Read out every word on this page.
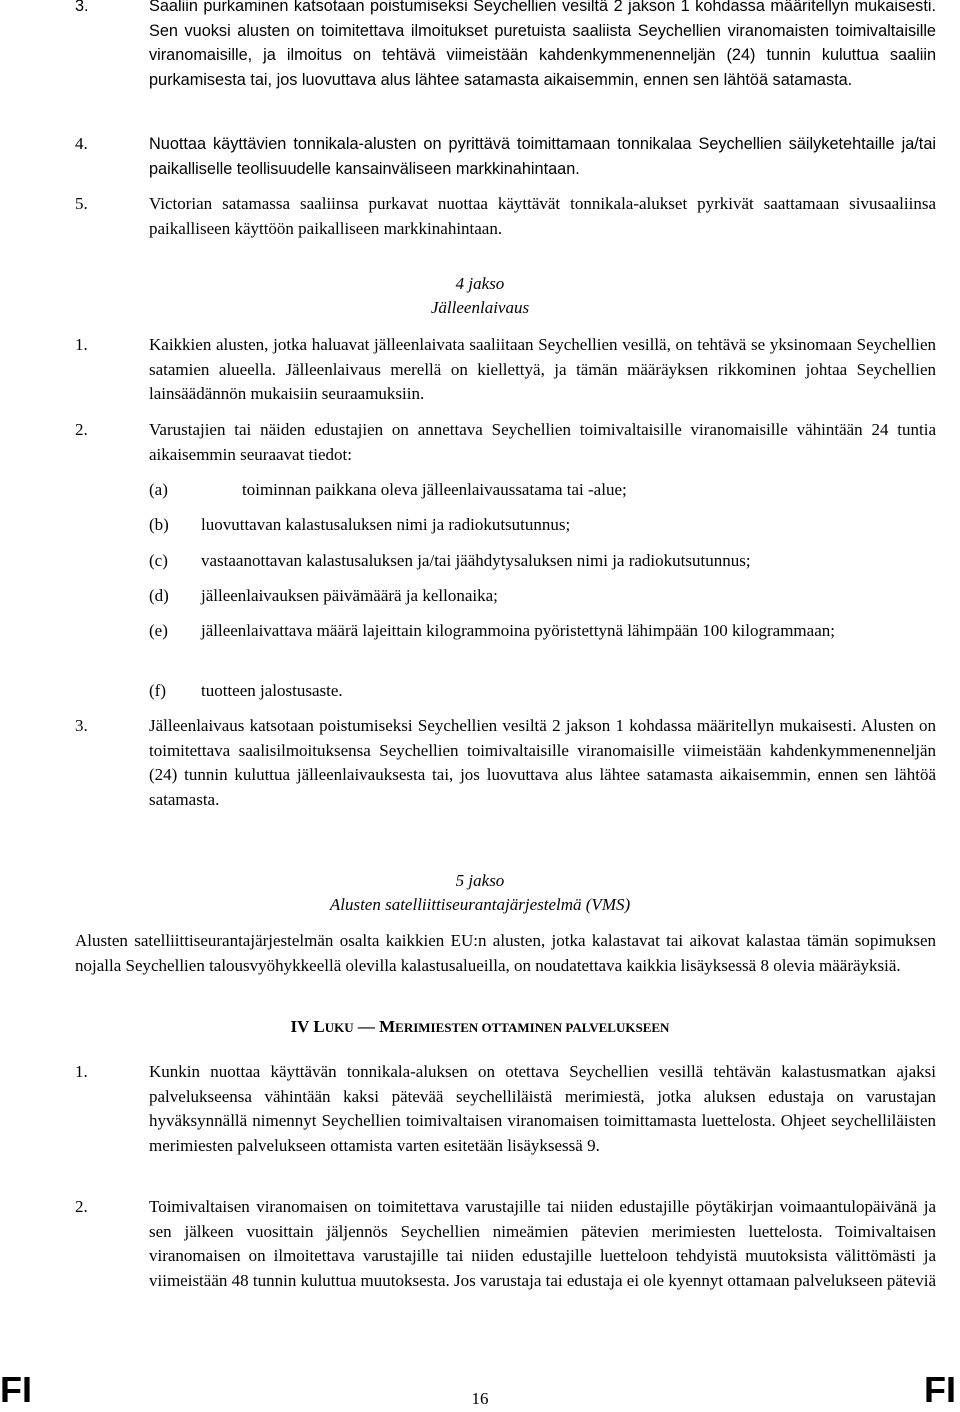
3.	Saaliin purkaminen katsotaan poistumiseksi Seychellien vesiltä 2 jakson 1 kohdassa määritellyn mukaisesti. Sen vuoksi alusten on toimitettava ilmoitukset puretuista saaliista Seychellien viranomaisten toimivaltaisille viranomaisille, ja ilmoitus on tehtävä viimeistään kahdenkymmenenneljän (24) tunnin kuluttua saaliin purkamisesta tai, jos luovuttava alus lähtee satamasta aikaisemmin, ennen sen lähtöä satamasta.
4.	Nuottaa käyttävien tonnikala-alusten on pyrittävä toimittamaan tonnikalaa Seychellien säilyketehtaille ja/tai paikalliselle teollisuudelle kansainväliseen markkinahintaan.
5.	Victorian satamassa saaliinsa purkavat nuottaa käyttävät tonnikala-alukset pyrkivät saattamaan sivusaaliinsa paikalliseen käyttöön paikalliseen markkinahintaan.
4 jakso
Jälleenlaivaus
1.	Kaikkien alusten, jotka haluavat jälleenlaivata saaliitaan Seychellien vesillä, on tehtävä se yksinomaan Seychellien satamien alueella. Jälleenlaivaus merellä on kiellettyä, ja tämän määräyksen rikkominen johtaa Seychellien lainsäädännön mukaisiin seuraamuksiin.
2.	Varustajien tai näiden edustajien on annettava Seychellien toimivaltaisille viranomaisille vähintään 24 tuntia aikaisemmin seuraavat tiedot:
(a)	toiminnan paikkana oleva jälleenlaivaussatama tai -alue;
(b) luovuttavan kalastusaluksen nimi ja radiokutsutunnus;
(c) vastaanottavan kalastusaluksen ja/tai jäähdytysaluksen nimi ja radiokutsutunnus;
(d) jälleenlaivauksen päivämäärä ja kellonaika;
(e) jälleenlaivattava määrä lajeittain kilogrammoina pyöristettynä lähimpään 100 kilogrammaan;
(f) tuotteen jalostusaste.
3.	Jälleenlaivaus katsotaan poistumiseksi Seychellien vesiltä 2 jakson 1 kohdassa määritellyn mukaisesti. Alusten on toimitettava saalisilmoituksensa Seychellien toimivaltaisille viranomaisille viimeistään kahdenkymmenenneljän (24) tunnin kuluttua jälleenlaivauksesta tai, jos luovuttava alus lähtee satamasta aikaisemmin, ennen sen lähtöä satamasta.
5 jakso
Alusten satelliittiseurantajärjestelmä (VMS)

Alusten satelliittiseurantajärjestelmän osalta kaikkien EU:n alusten, jotka kalastavat tai aikovat kalastaa tämän sopimuksen nojalla Seychellien talousvyöhykkeellä olevilla kalastusalueilla, on noudatettava kaikkia lisäyksessä 8 olevia määräyksiä.

IV LUKU — MERIMIESTEN OTTAMINEN PALVELUKSEEN
1.	Kunkin nuottaa käyttävän tonnikala-aluksen on otettava Seychellien vesillä tehtävän kalastusmatkan ajaksi palvelukseensa vähintään kaksi pätevää seychelliläistä merimiestä, jotka aluksen edustaja on varustajan hyväksynnällä nimennyt Seychellien toimivaltaisen viranomaisen toimittamasta luettelosta. Ohjeet seychelliläisten merimiesten palvelukseen ottamista varten esitetään lisäyksessä 9.
2.	Toimivaltaisen viranomaisen on toimitettava varustajille tai niiden edustajille pöytäkirjan voimaantulopäivänä ja sen jälkeen vuosittain jäljennös Seychellien nimeämien pätevien merimiesten luettelosta. Toimivaltaisen viranomaisen on ilmoitettava varustajille tai niiden edustajille luetteloon tehdyistä muutoksista välittömästi ja viimeistään 48 tunnin kuluttua muutoksesta. Jos varustaja tai edustaja ei ole kyennyt ottamaan palvelukseen päteviä
FI	16	FI
